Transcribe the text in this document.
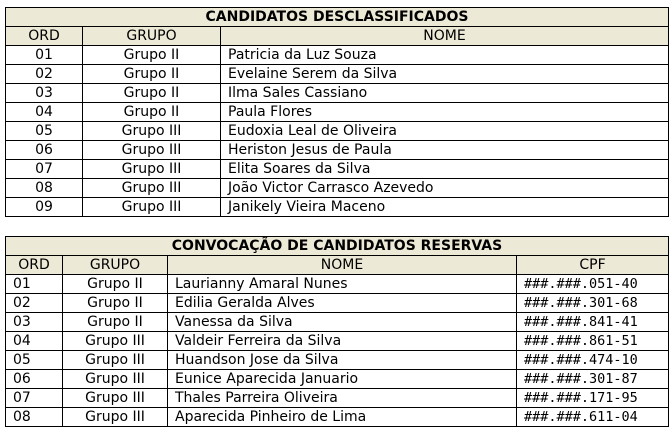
CANDIDATOS DESCLASSIFICADOS		
ORD	GRUPO	NOME
01	Grupo II	Patricia da Luz Souza
02	Grupo II	Evelaine Serem da Silva
03	Grupo II	Ilma Sales Cassiano
04	Grupo II	Paula Flores
05	Grupo III	Eudoxia Leal de Oliveira
06	Grupo III	Heriston Jesus de Paula
07	Grupo III	Elita Soares da Silva
08	Grupo III	João Victor Carrasco Azevedo
09	Grupo III	Janikely Vieira Maceno
CONVOCAÇÃO DE CANDIDATOS RESERVAS			
ORD	GRUPO	NOME	CPF
01	Grupo II	Laurianny Amaral Nunes	###.###.051-40
02	Grupo II	Edilia Geralda Alves	###.###.301-68
03	Grupo II	Vanessa da Silva	###.###.841-41
04	Grupo III	Valdeir Ferreira da Silva	###.###.861-51
05	Grupo III	Huandson Jose da Silva	###.###.474-10
06	Grupo III	Eunice Aparecida Januario	###.###.301-87
07	Grupo III	Thales Parreira Oliveira	###.###.171-95
08	Grupo III	Aparecida Pinheiro de Lima	###.###.611-04
